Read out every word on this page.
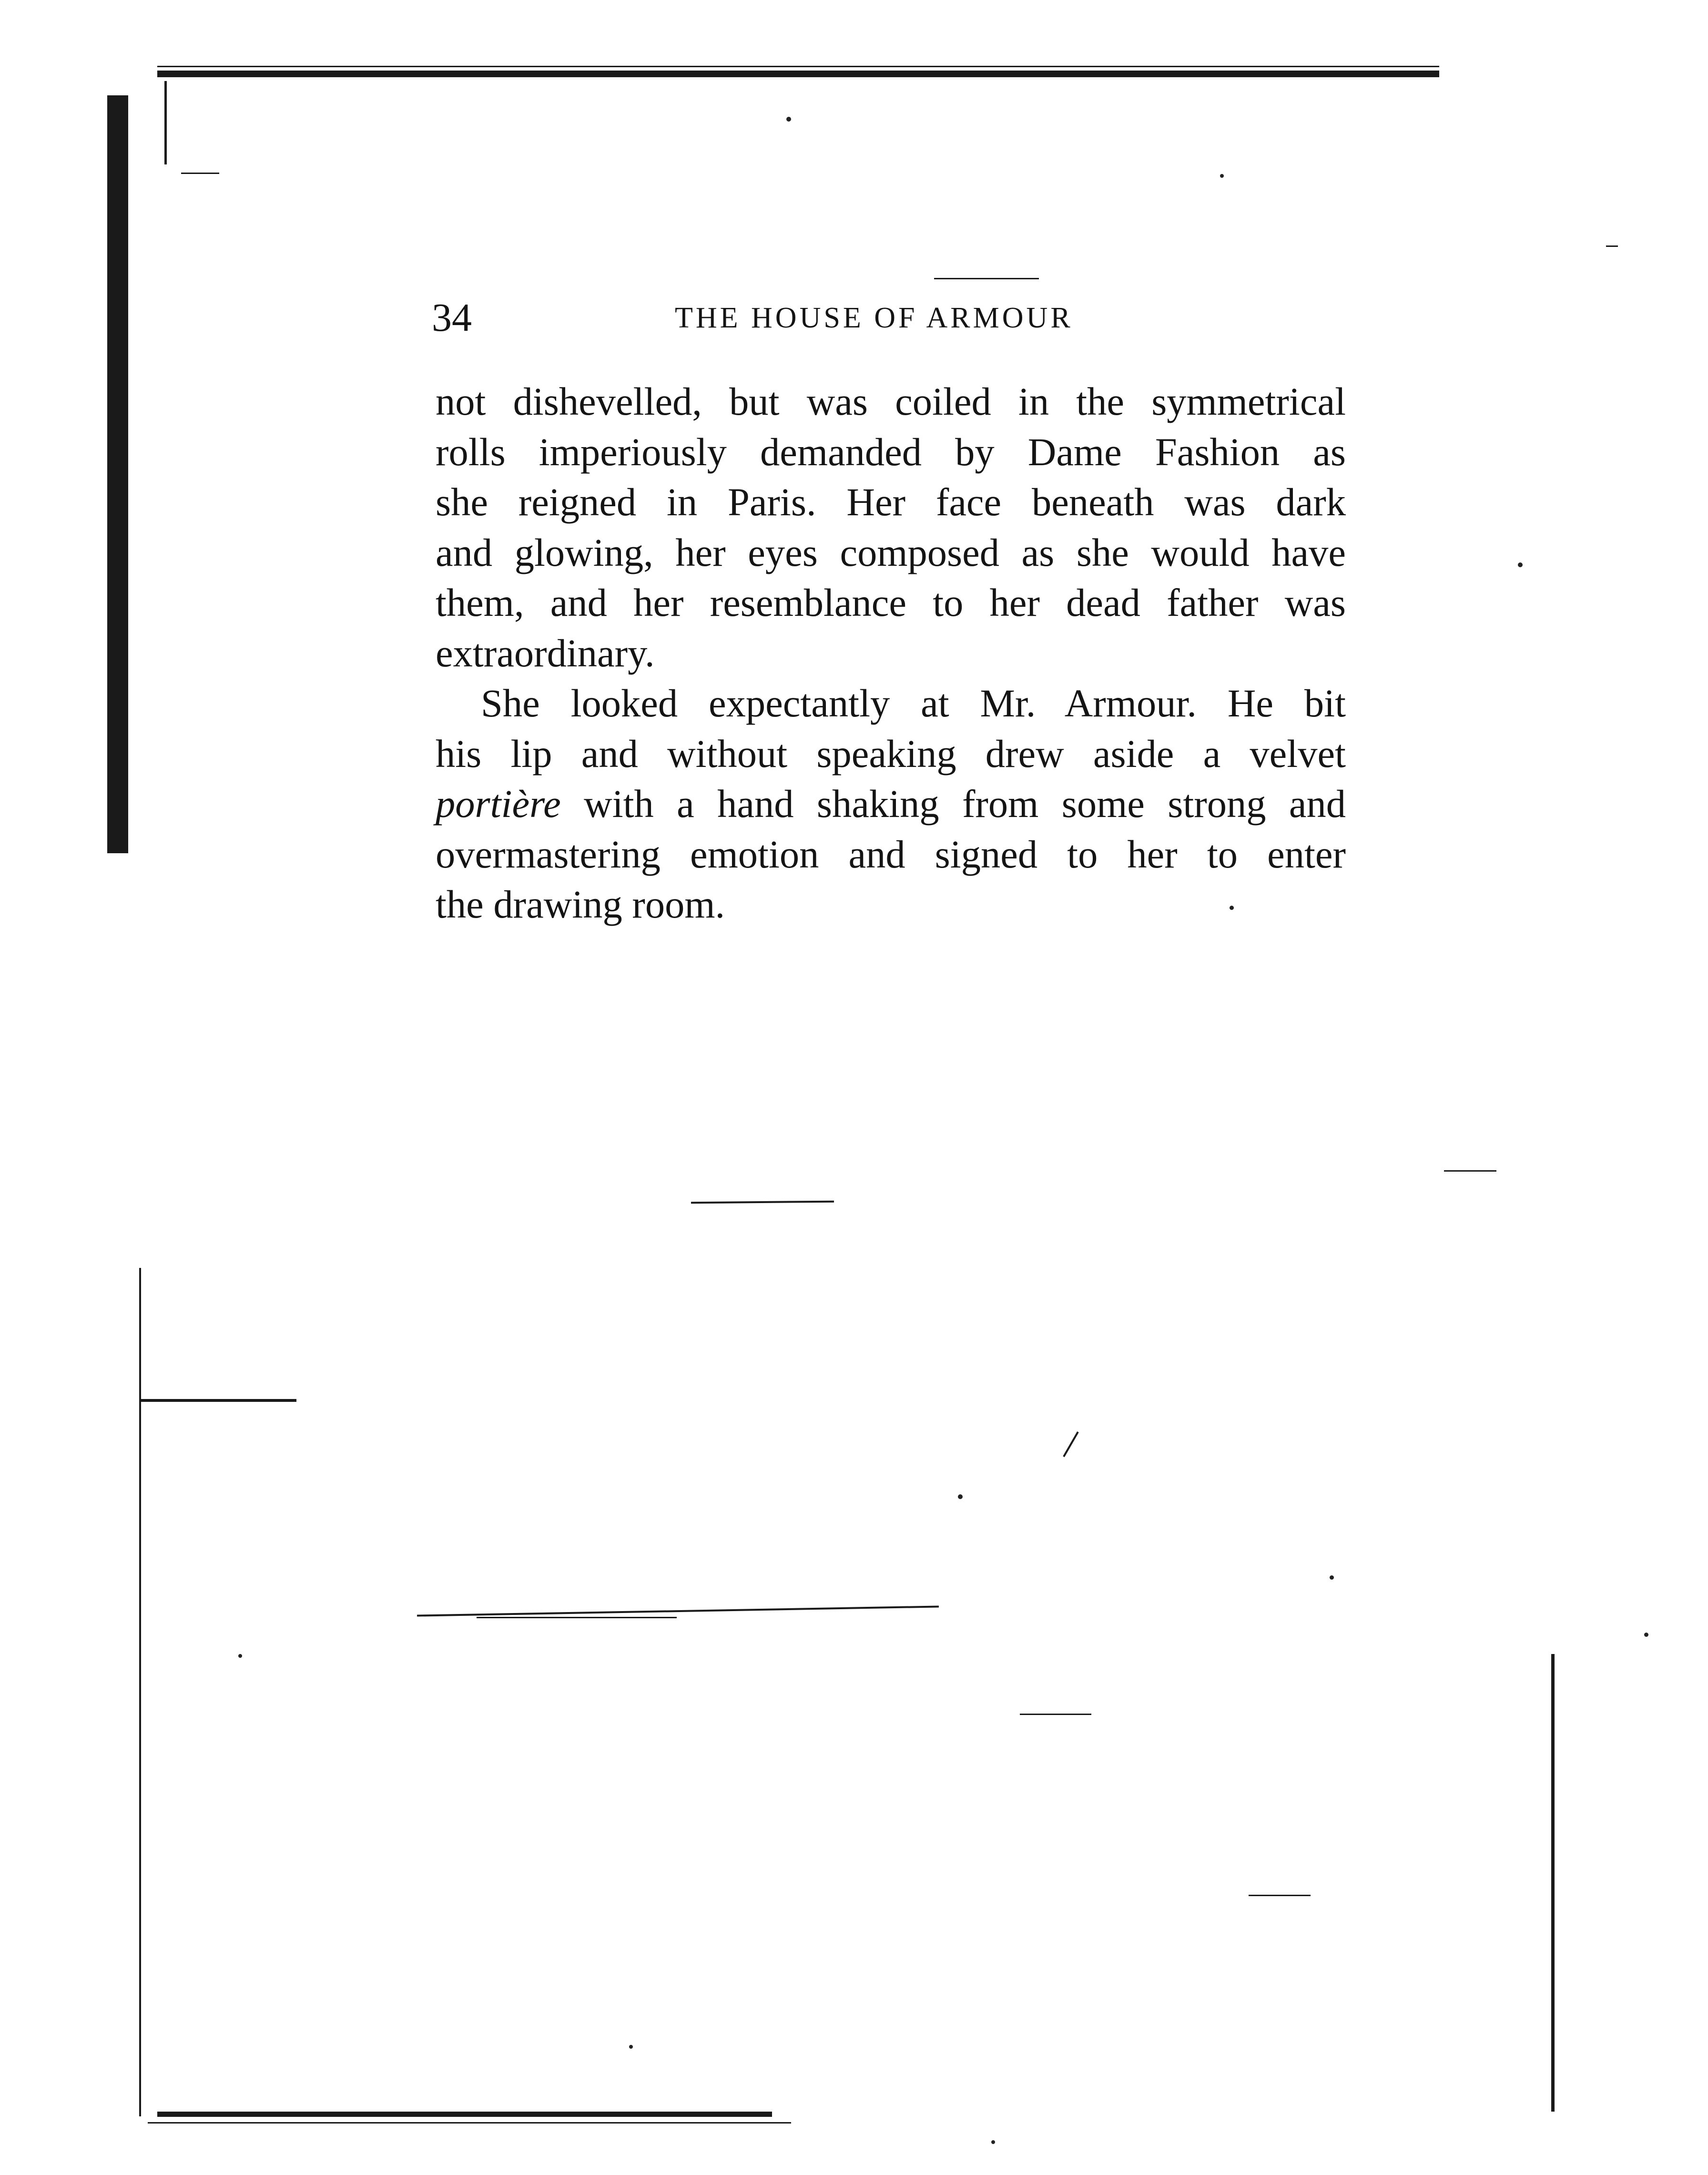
34	THE HOUSE OF ARMOUR
not dishevelled, but was coiled in the symmetrical
rolls imperiously demanded by Dame Fashion as
she reigned in Paris. Her face beneath was dark
and glowing, her eyes composed as she would have
them, and her resemblance to her dead father was
extraordinary.
She looked expectantly at Mr. Armour. He bit
his lip and without speaking drew aside a velvet
portière with a hand shaking from some strong and
overmastering emotion and signed to her to enter
the drawing room.
